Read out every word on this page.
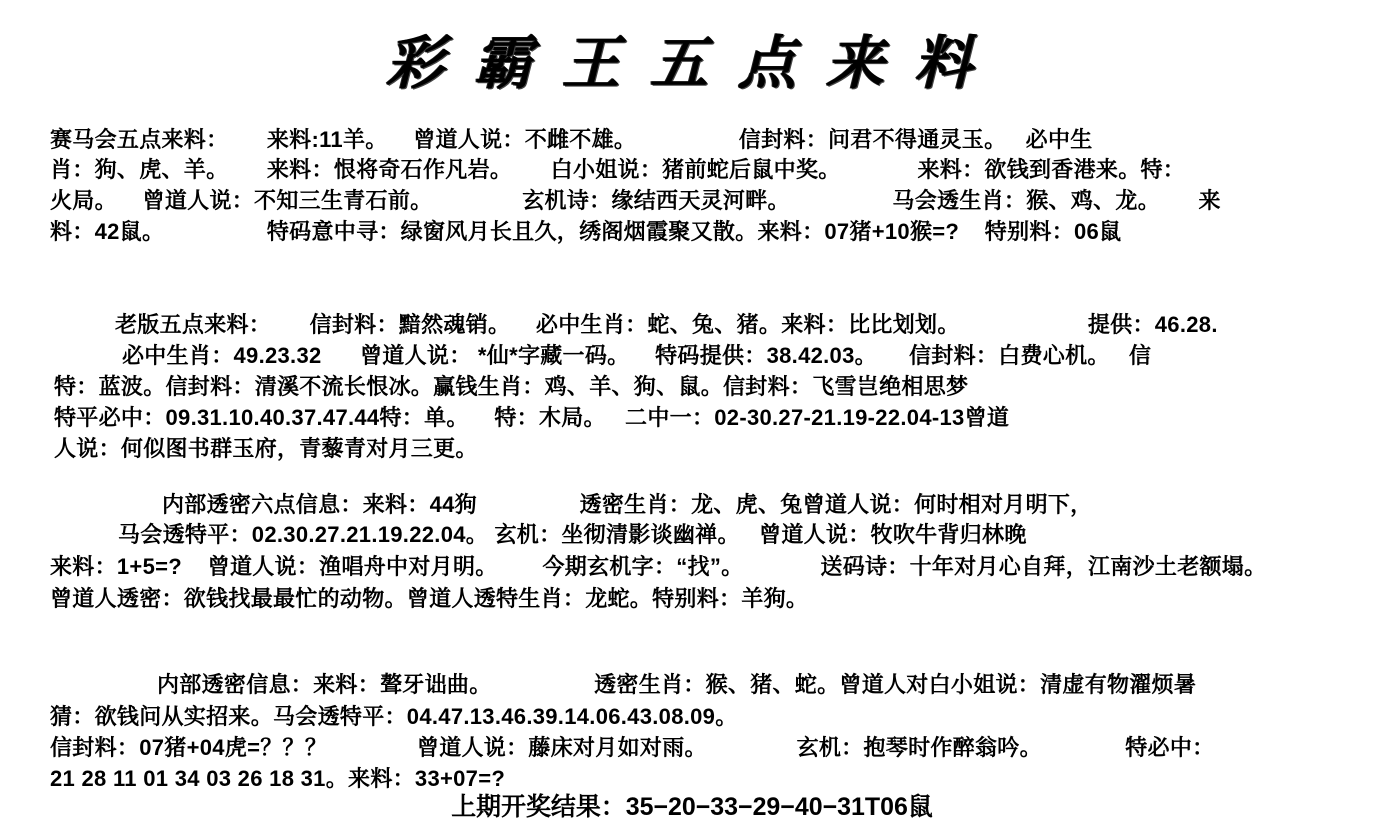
彩霸王五点来料
赛马会五点来料：      来料:11羊。    曾道人说：不雌不雄。                信封料：问君不得通灵玉。   必中生
肖：狗、虎、羊。      来料：恨将奇石作凡岩。      白小姐说：猪前蛇后鼠中奖。            来料：欲钱到香港来。特：
火局。    曾道人说：不知三生青石前。              玄机诗：缘结西天灵河畔。                马会透生肖：猴、鸡、龙。      来
料：42鼠。                特码意中寻：绿窗风月长且久，绣阁烟霞聚又散。来料：07猪+10猴=?    特别料：06鼠
老版五点来料：      信封料：黯然魂销。    必中生肖：蛇、兔、猪。来料：比比划划。                    提供：46.28.
必中生肖：49.23.32      曾道人说： *仙*字藏一码。    特码提供：38.42.03。     信封料：白费心机。   信
特：蓝波。信封料：清溪不流长恨冰。赢钱生肖：鸡、羊、狗、鼠。信封料：飞雪岂绝相思梦
特平必中：09.31.10.40.37.47.44特：单。    特：木局。   二中一：02-30.27-21.19-22.04-13曾道
人说：何似图书群玉府，青藜青对月三更。
内部透密六点信息：来料：44狗                透密生肖：龙、虎、兔曾道人说：何时相对月明下，
马会透特平：02.30.27.21.19.22.04。 玄机：坐彻清影谈幽禅。   曾道人说：牧吹牛背归林晚
来料：1+5=?    曾道人说：渔唱舟中对月明。       今期玄机字：“找”。            送码诗：十年对月心自拜，江南沙土老额塌。
曾道人透密：欲钱找最最忙的动物。曾道人透特生肖：龙蛇。特别料：羊狗。
内部透密信息：来料：聱牙诎曲。                透密生肖：猴、猪、蛇。曾道人对白小姐说：清虚有物濯烦暑
猜：欲钱问从实招来。马会透特平：04.47.13.46.39.14.06.43.08.09。
信封料：07猪+04虎=？？？              曾道人说：藤床对月如对雨。              玄机：抱琴时作醉翁吟。             特必中：
21 28 11 01 34 03 26 18 31。来料：33+07=?
上期开奖结果：35−20−33−29−40−31T06鼠
